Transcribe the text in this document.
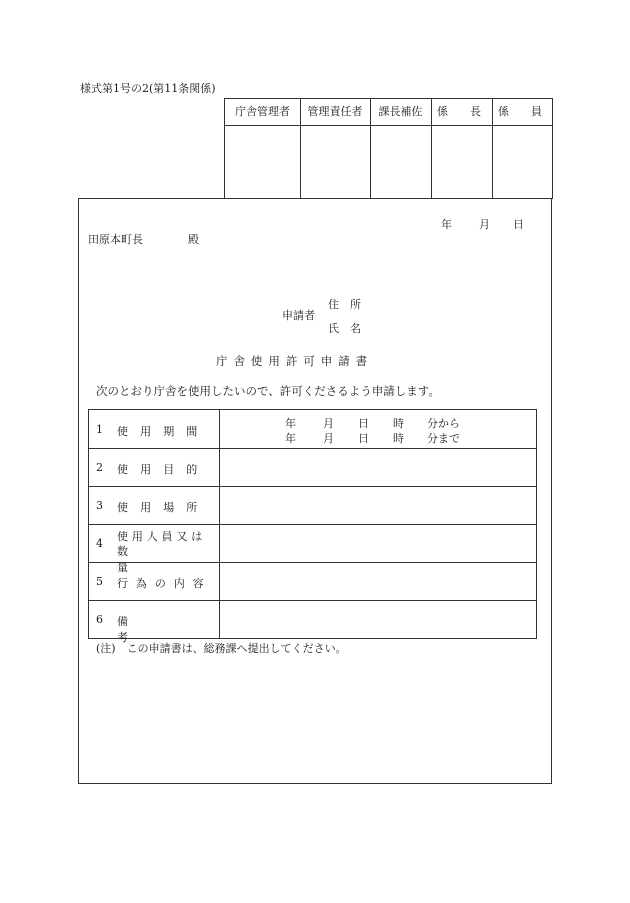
様式第1号の2(第11条関係)
庁舎管理者	管理責任者	課長補佐	係　　長 係　　員
年 月 日
田原本町長	殿
申請者
住　所
氏　名
庁 舎 使 用 許 可 申 請 書
次のとおり庁舎を使用したいので、許可くださるよう申請します。
1 使用期間
年	月	日	時	分から
年	月	日	時	分まで
2 使用目的
3 使用場所
4
使用人員又は
数量
5 行為の内容
6 備考
(注)　この申請書は、総務課へ提出してください。
